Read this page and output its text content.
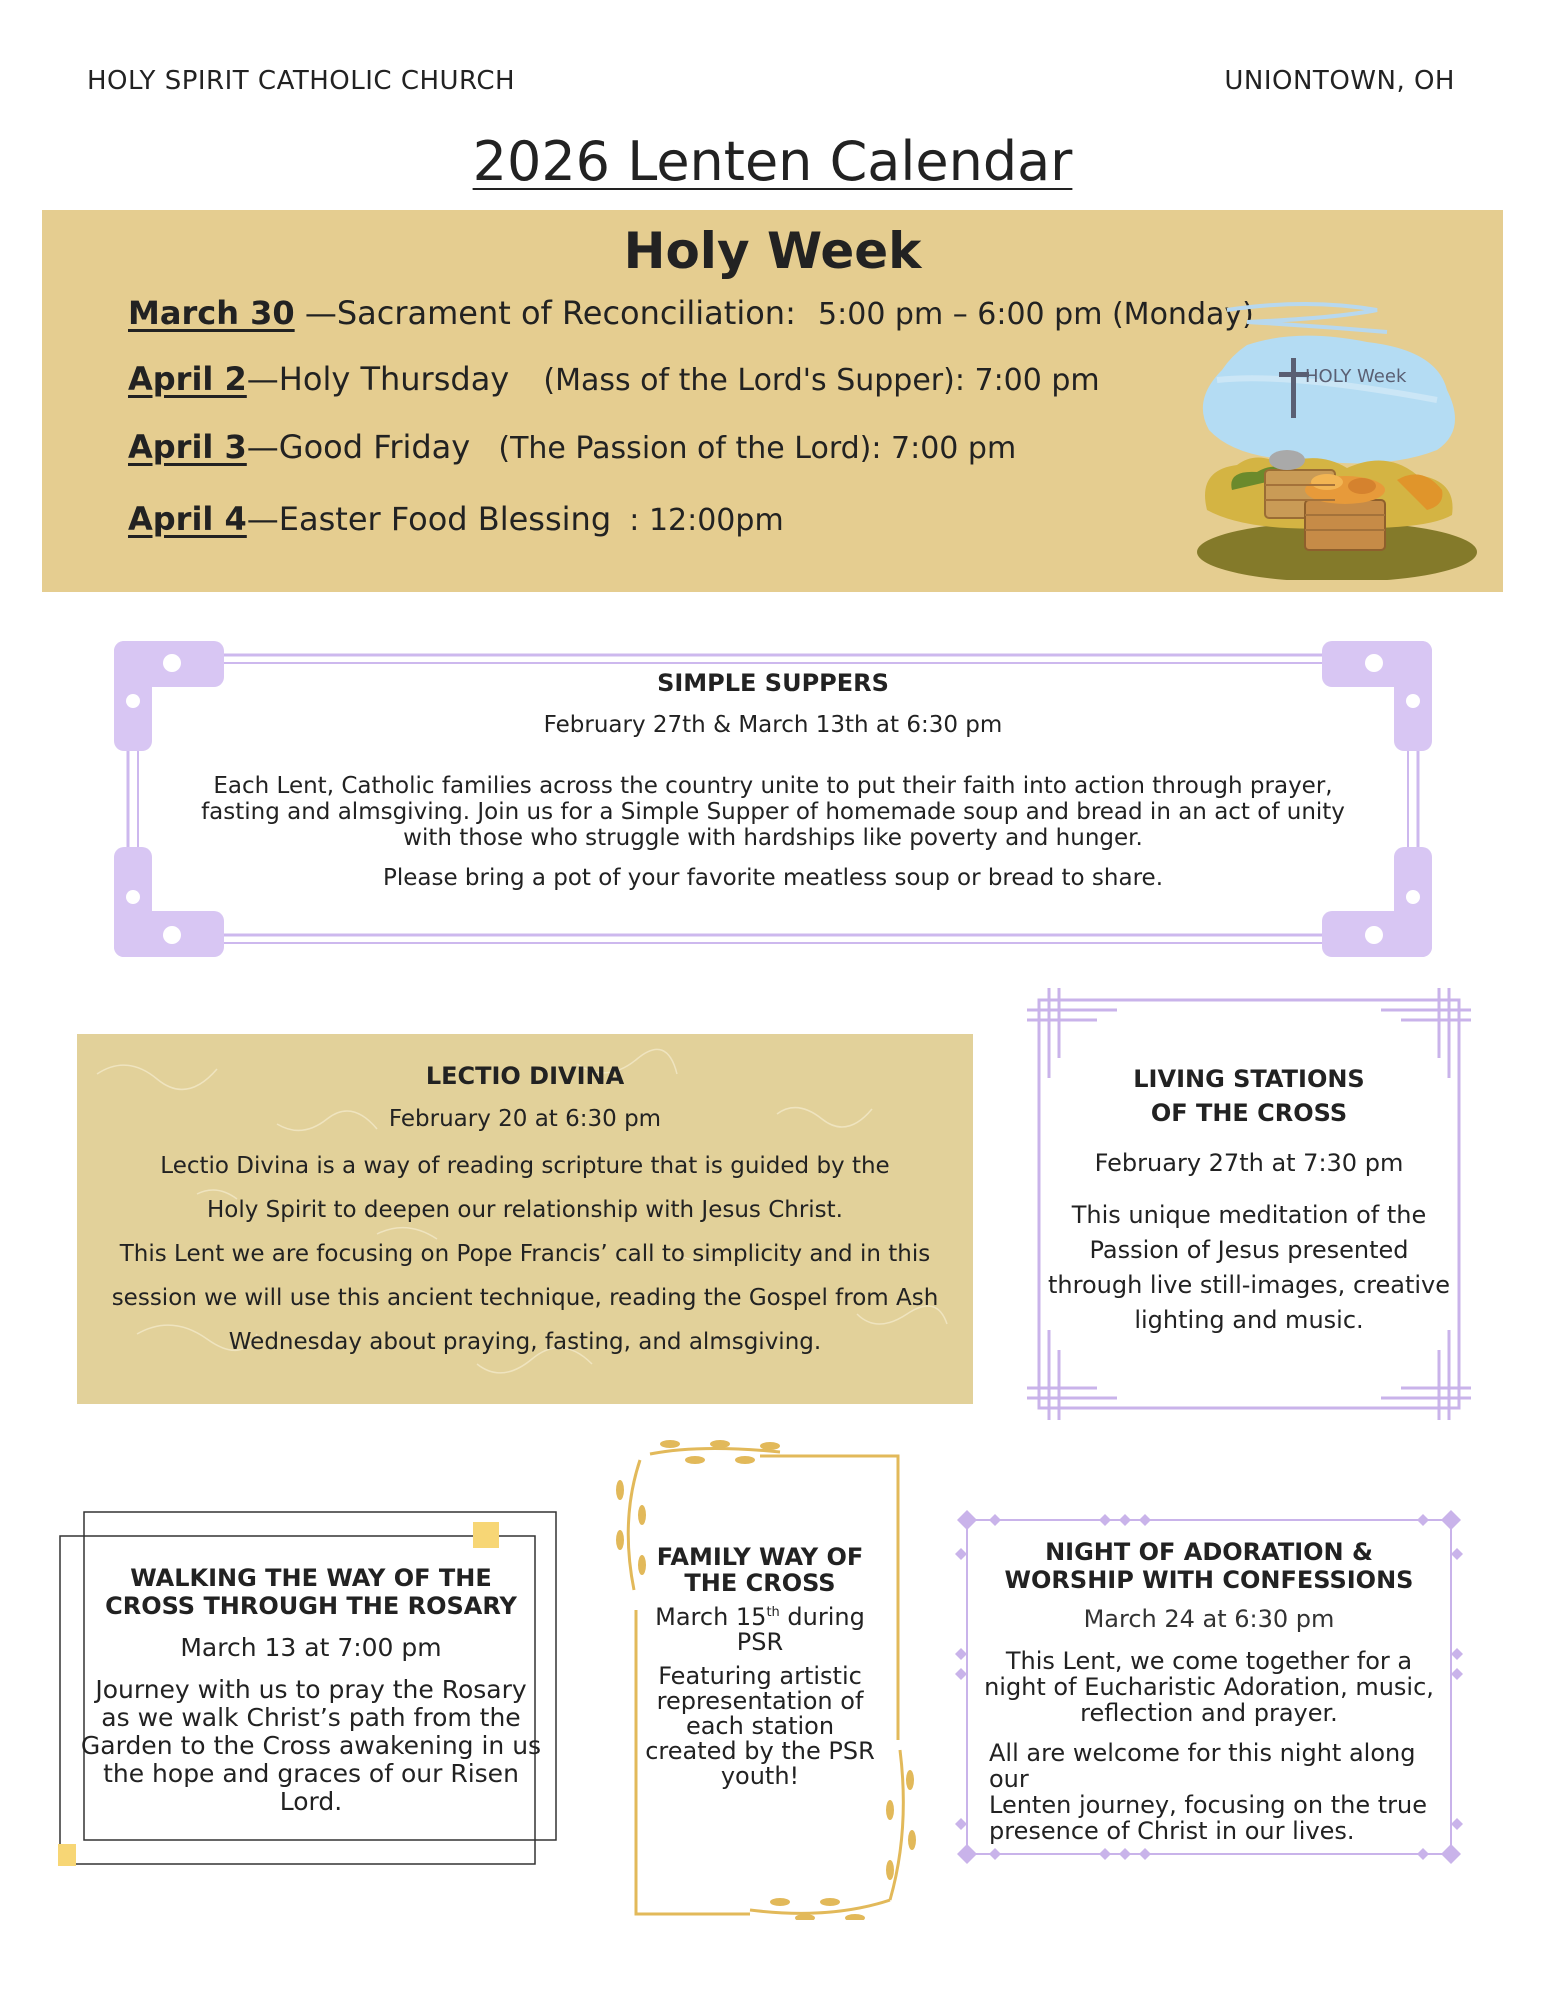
HOLY SPIRIT CATHOLIC CHURCH	UNIONTOWN, OH
2026 Lenten Calendar
Holy Week
March 30 —Sacrament of Reconciliation: 5:00 pm – 6:00 pm (Monday)
April 2—Holy Thursday (Mass of the Lord's Supper): 7:00 pm
April 3—Good Friday (The Passion of the Lord): 7:00 pm
April 4—Easter Food Blessing : 12:00pm
HOLY Week
SIMPLE SUPPERS
February 27th & March 13th at 6:30 pm
Each Lent, Catholic families across the country unite to put their faith into action through prayer,
fasting and almsgiving. Join us for a Simple Supper of homemade soup and bread in an act of unity
with those who struggle with hardships like poverty and hunger.
Please bring a pot of your favorite meatless soup or bread to share.
LECTIO DIVINA
February 20 at 6:30 pm
Lectio Divina is a way of reading scripture that is guided by the
Holy Spirit to deepen our relationship with Jesus Christ.
This Lent we are focusing on Pope Francis’ call to simplicity and in this
session we will use this ancient technique, reading the Gospel from Ash
Wednesday about praying, fasting, and almsgiving.
LIVING STATIONS
OF THE CROSS
February 27th at 7:30 pm
This unique meditation of the
Passion of Jesus presented
through live still-images, creative
lighting and music.
WALKING THE WAY OF THE
CROSS THROUGH THE ROSARY
March 13 at 7:00 pm
Journey with us to pray the Rosary
as we walk Christ’s path from the
Garden to the Cross awakening in us
the hope and graces of our Risen
Lord.
FAMILY WAY OF
THE CROSS
March 15th during
PSR
Featuring artistic
representation of
each station
created by the PSR
youth!
NIGHT OF ADORATION &
WORSHIP WITH CONFESSIONS
March 24 at 6:30 pm
This Lent, we come together for a
night of Eucharistic Adoration, music,
reflection and prayer.
All are welcome for this night along our
Lenten journey, focusing on the true
presence of Christ in our lives.
